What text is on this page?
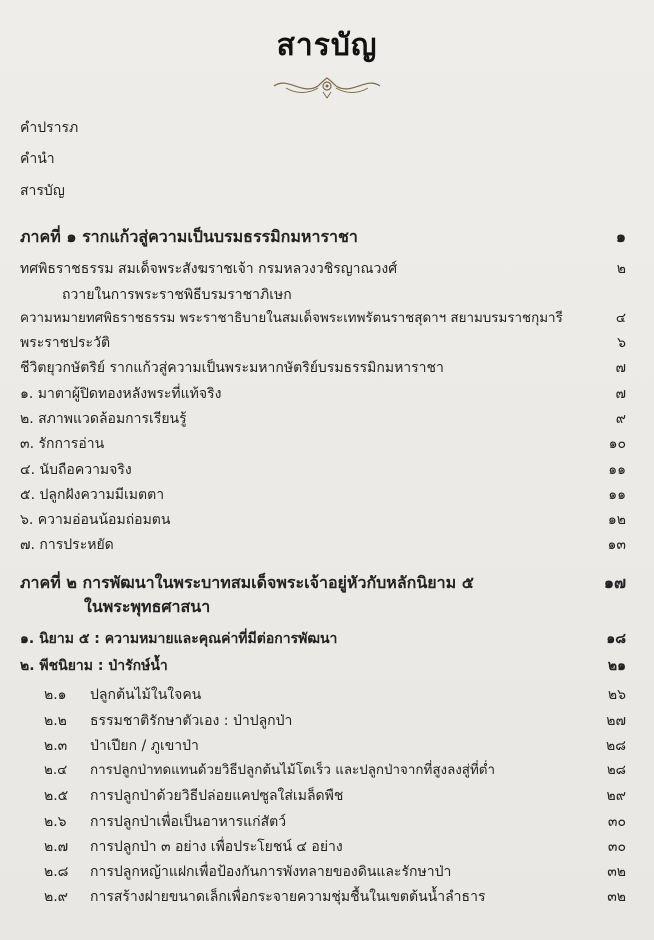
สารบัญ
คำปรารภ
คำนำ
สารบัญ
ภาคที่ ๑ รากแก้วสู่ความเป็นบรมธรรมิกมหาราชา	๑
ทศพิธราชธรรม สมเด็จพระสังฆราชเจ้า กรมหลวงวชิรญาณวงศ์	๒
ถวายในการพระราชพิธีบรมราชาภิเษก
ความหมายทศพิธราชธรรม พระราชาธิบายในสมเด็จพระเทพรัตนราชสุดาฯ สยามบรมราชกุมารี	๔
พระราชประวัติ	๖
ชีวิตยุวกษัตริย์ รากแก้วสู่ความเป็นพระมหากษัตริย์บรมธรรมิกมหาราชา	๗
๑. มาตาผู้ปิดทองหลังพระที่แท้จริง	๗
๒. สภาพแวดล้อมการเรียนรู้	๙
๓. รักการอ่าน	๑๐
๔. นับถือความจริง	๑๑
๕. ปลูกฝังความมีเมตตา	๑๑
๖. ความอ่อนน้อมถ่อมตน	๑๒
๗. การประหยัด	๑๓
ภาคที่ ๒ การพัฒนาในพระบาทสมเด็จพระเจ้าอยู่หัวกับหลักนิยาม ๕	๑๗
ในพระพุทธศาสนา
๑. นิยาม ๕ : ความหมายและคุณค่าที่มีต่อการพัฒนา	๑๘
๒. พีชนิยาม : ป่ารักษ์น้ำ	๒๑
๒.๑ ปลูกต้นไม้ในใจคน	๒๖
๒.๒ ธรรมชาติรักษาตัวเอง : ป่าปลูกป่า	๒๗
๒.๓ ป่าเปียก / ภูเขาป่า	๒๘
๒.๔ การปลูกป่าทดแทนด้วยวิธีปลูกต้นไม้โตเร็ว และปลูกป่าจากที่สูงลงสู่ที่ต่ำ	๒๘
๒.๕ การปลูกป่าด้วยวิธีปล่อยแคปซูลใส่เมล็ดพืช	๒๙
๒.๖ การปลูกป่าเพื่อเป็นอาหารแก่สัตว์	๓๐
๒.๗ การปลูกป่า ๓ อย่าง เพื่อประโยชน์ ๔ อย่าง	๓๐
๒.๘ การปลูกหญ้าแฝกเพื่อป้องกันการพังทลายของดินและรักษาป่า	๓๒
๒.๙ การสร้างฝายขนาดเล็กเพื่อกระจายความชุ่มชื้นในเขตต้นน้ำลำธาร	๓๒
